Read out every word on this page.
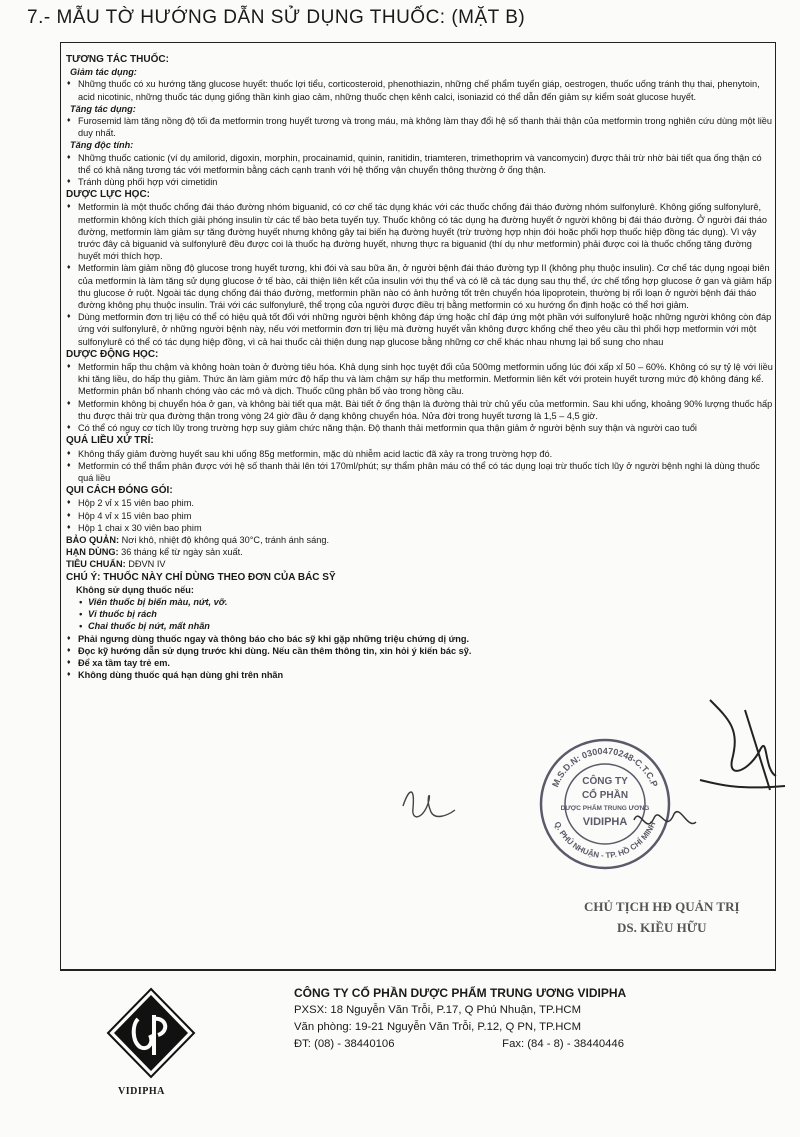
7.- MẪU TỜ HƯỚNG DẪN SỬ DỤNG THUỐC: (MẶT B)
TƯƠNG TÁC THUỐC:
Giảm tác dụng:

♦ Những thuốc có xu hướng tăng glucose huyết: thuốc lợi tiểu, corticosteroid, phenothiazin, những chế phẩm tuyến giáp, oestrogen, thuốc uống tránh thụ thai, phenytoin, acid nicotinic, những thuốc tác dụng giống thần kinh giao cảm, những thuốc chẹn kênh calci, isoniazid có thể dẫn đến giảm sự kiểm soát glucose huyết.

Tăng tác dụng:

♦ Furosemid làm tăng nồng độ tối đa metformin trong huyết tương và trong máu, mà không làm thay đổi hệ số thanh thải thận của metformin trong nghiên cứu dùng một liều duy nhất.

Tăng độc tính:

♦ Những thuốc cationic (ví dụ amilorid, digoxin, morphin, procainamid, quinin, ranitidin, triamteren, trimethoprim và vancomycin) được thải trừ nhờ bài tiết qua ống thận có thể có khả năng tương tác với metformin bằng cách cạnh tranh với hệ thống vận chuyển thông thường ở ống thận.

♦ Tránh dùng phối hợp với cimetidin

DƯỢC LỰC HỌC:

♦ Metformin là một thuốc chống đái tháo đường nhóm biguanid, có cơ chế tác dụng khác với các thuốc chống đái tháo đường nhóm sulfonylurê. Không giống sulfonylurê, metformin không kích thích giải phóng insulin từ các tế bào beta tuyến tụy. Thuốc không có tác dụng hạ đường huyết ở người không bị đái tháo đường. Ở người đái tháo đường, metformin làm giảm sự tăng đường huyết nhưng không gây tai biến hạ đường huyết (trừ trường hợp nhịn đói hoặc phối hợp thuốc hiệp đồng tác dụng). Vì vậy trước đây cả biguanid và sulfonylurê đều được coi là thuốc hạ đường huyết, nhưng thực ra biguanid (thí dụ như metformin) phải được coi là thuốc chống tăng đường huyết mới thích hợp.

♦ Metformin làm giảm nồng độ glucose trong huyết tương, khi đói và sau bữa ăn, ở người bệnh đái tháo đường typ II (không phụ thuộc insulin). Cơ chế tác dụng ngoại biên của metformin là làm tăng sử dụng glucose ở tế bào, cải thiện liên kết của insulin với thụ thể và có lẽ cả tác dụng sau thụ thể, ức chế tổng hợp glucose ở gan và giảm hấp thu glucose ở ruột. Ngoài tác dụng chống đái tháo đường, metformin phần nào có ảnh hưởng tốt trên chuyển hóa lipoprotein, thường bị rối loạn ở người bệnh đái tháo đường không phụ thuộc insulin. Trái với các sulfonylurê, thể trọng của người được điều trị bằng metformin có xu hướng ổn định hoặc có thể hơi giảm.

♦ Dùng metformin đơn trị liệu có thể có hiệu quả tốt đối với những người bệnh không đáp ứng hoặc chỉ đáp ứng một phần với sulfonylurê hoặc những người không còn đáp ứng với sulfonylurê, ở những người bệnh này, nếu với metformin đơn trị liệu mà đường huyết vẫn không được khống chế theo yêu cầu thì phối hợp metformin với một sulfonylurê có thể có tác dụng hiệp đồng, vì cả hai thuốc cải thiện dung nạp glucose bằng những cơ chế khác nhau nhưng lại bổ sung cho nhau

DƯỢC ĐỘNG HỌC:

♦ Metformin hấp thu chậm và không hoàn toàn ở đường tiêu hóa. Khả dụng sinh học tuyệt đối của 500mg metformin uống lúc đói xấp xỉ 50 – 60%. Không có sự tỷ lệ với liều khi tăng liều, do hấp thụ giảm. Thức ăn làm giảm mức độ hấp thu và làm chậm sự hấp thu metformin. Metformin liên kết với protein huyết tương mức độ không đáng kể. Metformin phân bố nhanh chóng vào các mô và dịch. Thuốc cũng phân bố vào trong hồng cầu.

♦ Metformin không bị chuyển hóa ở gan, và không bài tiết qua mật. Bài tiết ở ống thận là đường thải trừ chủ yếu của metformin. Sau khi uống, khoảng 90% lượng thuốc hấp thu được thải trừ qua đường thận trong vòng 24 giờ đầu ở dạng không chuyển hóa. Nửa đời trong huyết tương là 1,5 – 4,5 giờ.

♦ Có thể có nguy cơ tích lũy trong trường hợp suy giảm chức năng thận. Độ thanh thải metformin qua thận giảm ở người bệnh suy thận và người cao tuổi

QUÁ LIỀU XỬ TRÍ:

♦ Không thấy giảm đường huyết sau khi uống 85g metformin, mặc dù nhiễm acid lactic đã xảy ra trong trường hợp đó.

♦ Metformin có thể thẩm phân được với hệ số thanh thải lên tới 170ml/phút; sự thẩm phân máu có thể có tác dụng loại trừ thuốc tích lũy ở người bệnh nghi là dùng thuốc quá liều

QUI CÁCH ĐÓNG GÓI:

♦ Hộp 2 vỉ x 15 viên bao phim.

♦ Hộp 4 vỉ x 15 viên bao phim

♦ Hộp 1 chai x 30 viên bao phim

BẢO QUẢN: Nơi khô, nhiệt độ không quá 30°C, tránh ánh sáng.

HẠN DÙNG: 36 tháng kể từ ngày sản xuất.

TIÊU CHUẨN: DĐVN IV

CHÚ Ý: THUỐC NÀY CHỈ DÙNG THEO ĐƠN CỦA BÁC SỸ
Không sử dụng thuốc nếu:
• Viên thuốc bị biến màu, nứt, vỡ.
• Vỉ thuốc bị rách
• Chai thuốc bị nứt, mất nhãn

♦ Phải ngưng dùng thuốc ngay và thông báo cho bác sỹ khi gặp những triệu chứng dị ứng.

♦ Đọc kỹ hướng dẫn sử dụng trước khi dùng. Nếu cần thêm thông tin, xin hỏi ý kiến bác sỹ.

♦ Để xa tầm tay trẻ em.

♦ Không dùng thuốc quá hạn dùng ghi trên nhãn

M.S.D.N: 0300470248-C.T.C.P
Q. PHÚ NHUẬN - TP. HỒ CHÍ MINH
CÔNG TY
CỔ PHẦN
DƯỢC PHẨM TRUNG ƯƠNG
VIDIPHA
CHỦ TỊCH HĐ QUẢN TRỊ
DS. KIỀU HỮU
VIDIPHA
CÔNG TY CỔ PHẦN DƯỢC PHẨM TRUNG ƯƠNG VIDIPHA
PXSX: 18 Nguyễn Văn Trỗi, P.17, Q Phú Nhuận, TP.HCM
Văn phòng: 19-21 Nguyễn Văn Trỗi, P.12, Q PN, TP.HCM
ĐT: (08) - 38440106	Fax: (84 - 8) - 38440446
